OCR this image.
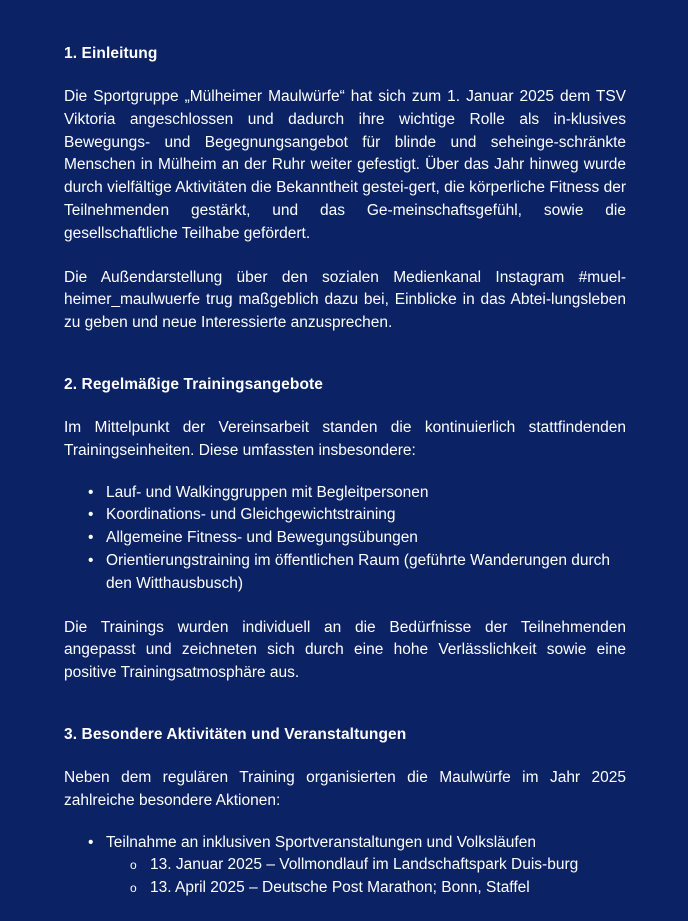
1. Einleitung

Die Sportgruppe „Mülheimer Maulwürfe“ hat sich zum 1. Januar 2025 dem TSV Viktoria angeschlossen und dadurch ihre wichtige Rolle als in-klusives Bewegungs- und Begegnungsangebot für blinde und seheinge-schränkte Menschen in Mülheim an der Ruhr weiter gefestigt. Über das Jahr hinweg wurde durch vielfältige Aktivitäten die Bekanntheit gestei-gert, die körperliche Fitness der Teilnehmenden gestärkt, und das Ge-meinschaftsgefühl, sowie die gesellschaftliche Teilhabe gefördert.

Die Außendarstellung über den sozialen Medienkanal Instagram #muel-heimer_maulwuerfe trug maßgeblich dazu bei, Einblicke in das Abtei-lungsleben zu geben und neue Interessierte anzusprechen.

2. Regelmäßige Trainingsangebote

Im Mittelpunkt der Vereinsarbeit standen die kontinuierlich stattfindenden Trainingseinheiten. Diese umfassten insbesondere:

• Lauf- und Walkinggruppen mit Begleitpersonen
• Koordinations- und Gleichgewichtstraining
• Allgemeine Fitness- und Bewegungsübungen
• Orientierungstraining im öffentlichen Raum (geführte Wanderungen durch den Witthausbusch)

Die Trainings wurden individuell an die Bedürfnisse der Teilnehmenden angepasst und zeichneten sich durch eine hohe Verlässlichkeit sowie eine positive Trainingsatmosphäre aus.

3. Besondere Aktivitäten und Veranstaltungen

Neben dem regulären Training organisierten die Maulwürfe im Jahr 2025 zahlreiche besondere Aktionen:

• Teilnahme an inklusiven Sportveranstaltungen und Volksläufen
o 13. Januar 2025 – Vollmondlauf im Landschaftspark Duis-burg
o 13. April 2025 – Deutsche Post Marathon; Bonn, Staffel
